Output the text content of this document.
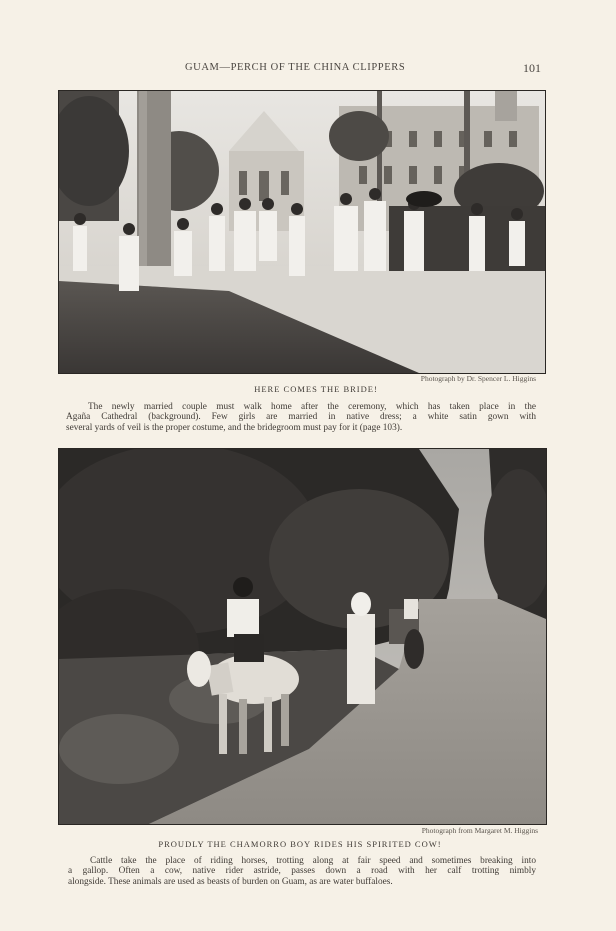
GUAM—PERCH OF THE CHINA CLIPPERS	101
Photograph by Dr. Spencer L. Higgins
HERE COMES THE BRIDE!
The newly married couple must walk home after the ceremony, which has taken place in the
Agaña Cathedral (background). Few girls are married in native dress; a white satin gown with
several yards of veil is the proper costume, and the bridegroom must pay for it (page 103).
Photograph from Margaret M. Higgins
PROUDLY THE CHAMORRO BOY RIDES HIS SPIRITED COW!
Cattle take the place of riding horses, trotting along at fair speed and sometimes breaking into
a gallop. Often a cow, native rider astride, passes down a road with her calf trotting nimbly
alongside. These animals are used as beasts of burden on Guam, as are water buffaloes.
